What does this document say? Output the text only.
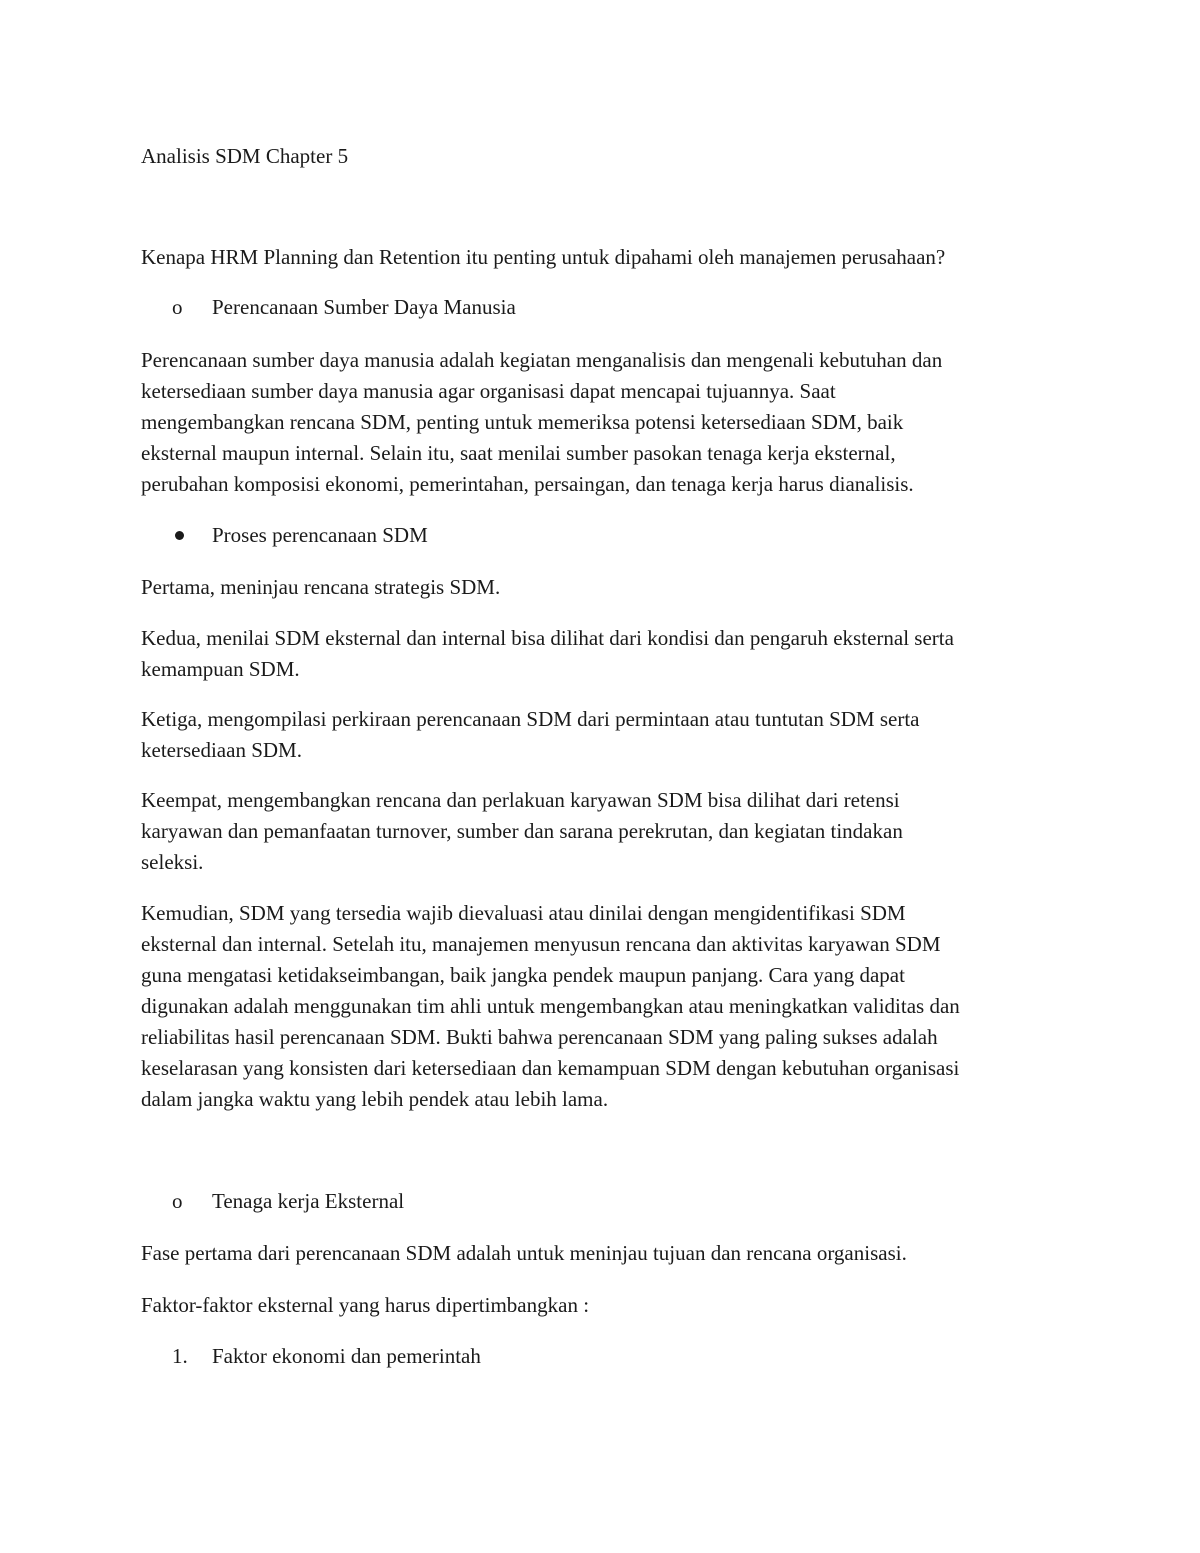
Analisis SDM Chapter 5

Kenapa HRM Planning dan Retention itu penting untuk dipahami oleh manajemen perusahaan?

o Perencanaan Sumber Daya Manusia

Perencanaan sumber daya manusia adalah kegiatan menganalisis dan mengenali kebutuhan dan
ketersediaan sumber daya manusia agar organisasi dapat mencapai tujuannya. Saat
mengembangkan rencana SDM, penting untuk memeriksa potensi ketersediaan SDM, baik
eksternal maupun internal. Selain itu, saat menilai sumber pasokan tenaga kerja eksternal,
perubahan komposisi ekonomi, pemerintahan, persaingan, dan tenaga kerja harus dianalisis.

Proses perencanaan SDM

Pertama, meninjau rencana strategis SDM.

Kedua, menilai SDM eksternal dan internal bisa dilihat dari kondisi dan pengaruh eksternal serta
kemampuan SDM.

Ketiga, mengompilasi perkiraan perencanaan SDM dari permintaan atau tuntutan SDM serta
ketersediaan SDM.

Keempat, mengembangkan rencana dan perlakuan karyawan SDM bisa dilihat dari retensi
karyawan dan pemanfaatan turnover, sumber dan sarana perekrutan, dan kegiatan tindakan
seleksi.

Kemudian, SDM yang tersedia wajib dievaluasi atau dinilai dengan mengidentifikasi SDM
eksternal dan internal. Setelah itu, manajemen menyusun rencana dan aktivitas karyawan SDM
guna mengatasi ketidakseimbangan, baik jangka pendek maupun panjang. Cara yang dapat
digunakan adalah menggunakan tim ahli untuk mengembangkan atau meningkatkan validitas dan
reliabilitas hasil perencanaan SDM. Bukti bahwa perencanaan SDM yang paling sukses adalah
keselarasan yang konsisten dari ketersediaan dan kemampuan SDM dengan kebutuhan organisasi
dalam jangka waktu yang lebih pendek atau lebih lama.

o Tenaga kerja Eksternal

Fase pertama dari perencanaan SDM adalah untuk meninjau tujuan dan rencana organisasi.

Faktor-faktor eksternal yang harus dipertimbangkan :

1. Faktor ekonomi dan pemerintah
